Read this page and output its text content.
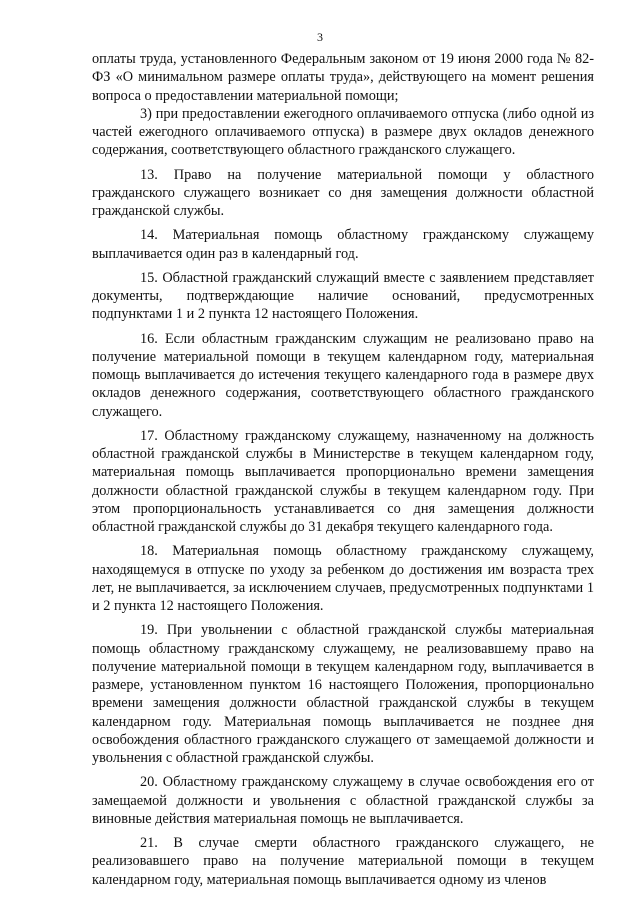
3

оплаты труда, установленного Федеральным законом от 19 июня 2000 года № 82-ФЗ «О минимальном размере оплаты труда», действующего на момент решения вопроса о предоставлении материальной помощи;

3) при предоставлении ежегодного оплачиваемого отпуска (либо одной из частей ежегодного оплачиваемого отпуска) в размере двух окладов денежного содержания, соответствующего областного гражданского служащего.

13. Право на получение материальной помощи у областного гражданского служащего возникает со дня замещения должности областной гражданской службы.

14. Материальная помощь областному гражданскому служащему выплачивается один раз в календарный год.

15. Областной гражданский служащий вместе с заявлением представляет документы, подтверждающие наличие оснований, предусмотренных подпунктами 1 и 2 пункта 12 настоящего Положения.

16. Если областным гражданским служащим не реализовано право на получение материальной помощи в текущем календарном году, материальная помощь выплачивается до истечения текущего календарного года в размере двух окладов денежного содержания, соответствующего областного гражданского служащего.

17. Областному гражданскому служащему, назначенному на должность областной гражданской службы в Министерстве в текущем календарном году, материальная помощь выплачивается пропорционально времени замещения должности областной гражданской службы в текущем календарном году. При этом пропорциональность устанавливается со дня замещения должности областной гражданской службы до 31 декабря текущего календарного года.

18. Материальная помощь областному гражданскому служащему, находящемуся в отпуске по уходу за ребенком до достижения им возраста трех лет, не выплачивается, за исключением случаев, предусмотренных подпунктами 1 и 2 пункта 12 настоящего Положения.

19. При увольнении с областной гражданской службы материальная помощь областному гражданскому служащему, не реализовавшему право на получение материальной помощи в текущем календарном году, выплачивается в размере, установленном пунктом 16 настоящего Положения, пропорционально времени замещения должности областной гражданской службы в текущем календарном году. Материальная помощь выплачивается не позднее дня освобождения областного гражданского служащего от замещаемой должности и увольнения с областной гражданской службы.

20. Областному гражданскому служащему в случае освобождения его от замещаемой должности и увольнения с областной гражданской службы за виновные действия материальная помощь не выплачивается.

21. В случае смерти областного гражданского служащего, не реализовавшего право на получение материальной помощи в текущем календарном году, материальная помощь выплачивается одному из членов
